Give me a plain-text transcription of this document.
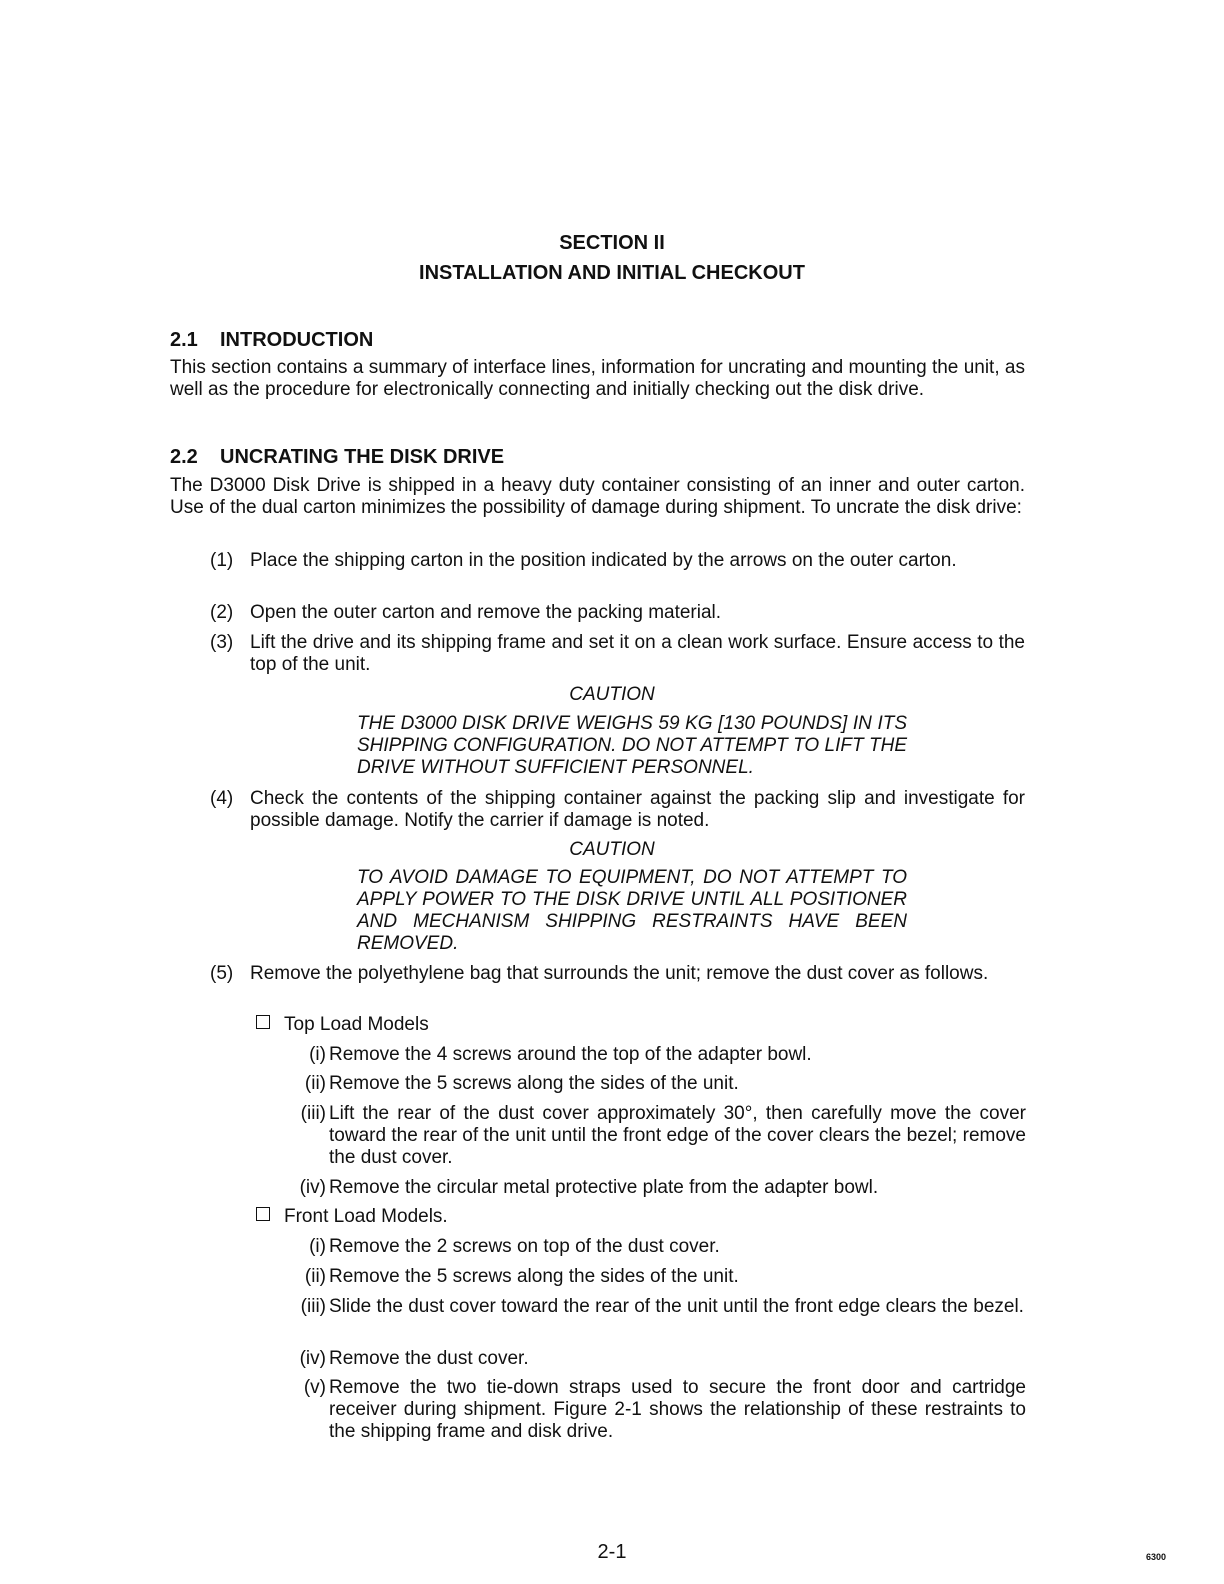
SECTION II
INSTALLATION AND INITIAL CHECKOUT
2.1 INTRODUCTION

This section contains a summary of interface lines, information for uncrating and mounting the unit, as well as the procedure for electronically connecting and initially checking out the disk drive.

2.2 UNCRATING THE DISK DRIVE

The D3000 Disk Drive is shipped in a heavy duty container consisting of an inner and outer carton. Use of the dual carton minimizes the possibility of damage during shipment. To uncrate the disk drive:

(1) Place the shipping carton in the position indicated by the arrows on the outer carton.
(2) Open the outer carton and remove the packing material.
(3) Lift the drive and its shipping frame and set it on a clean work surface. Ensure access to the top of the unit.
CAUTION
THE D3000 DISK DRIVE WEIGHS 59 KG [130 POUNDS] IN ITS SHIPPING CONFIGURATION. DO NOT ATTEMPT TO LIFT THE DRIVE WITHOUT SUFFICIENT PERSONNEL.
(4) Check the contents of the shipping container against the packing slip and investigate for possible damage. Notify the carrier if damage is noted.
CAUTION
TO AVOID DAMAGE TO EQUIPMENT, DO NOT ATTEMPT TO APPLY POWER TO THE DISK DRIVE UNTIL ALL POSITIONER AND MECHANISM SHIPPING RESTRAINTS HAVE BEEN REMOVED.
(5) Remove the polyethylene bag that surrounds the unit; remove the dust cover as follows.
Top Load Models
(i) Remove the 4 screws around the top of the adapter bowl.
(ii) Remove the 5 screws along the sides of the unit.
(iii) Lift the rear of the dust cover approximately 30°, then carefully move the cover toward the rear of the unit until the front edge of the cover clears the bezel; remove the dust cover.
(iv) Remove the circular metal protective plate from the adapter bowl.
Front Load Models.
(i) Remove the 2 screws on top of the dust cover.
(ii) Remove the 5 screws along the sides of the unit.
(iii) Slide the dust cover toward the rear of the unit until the front edge clears the bezel.
(iv) Remove the dust cover.
(v) Remove the two tie-down straps used to secure the front door and cartridge receiver during shipment. Figure 2-1 shows the relationship of these restraints to the shipping frame and disk drive.
2-1	6300
